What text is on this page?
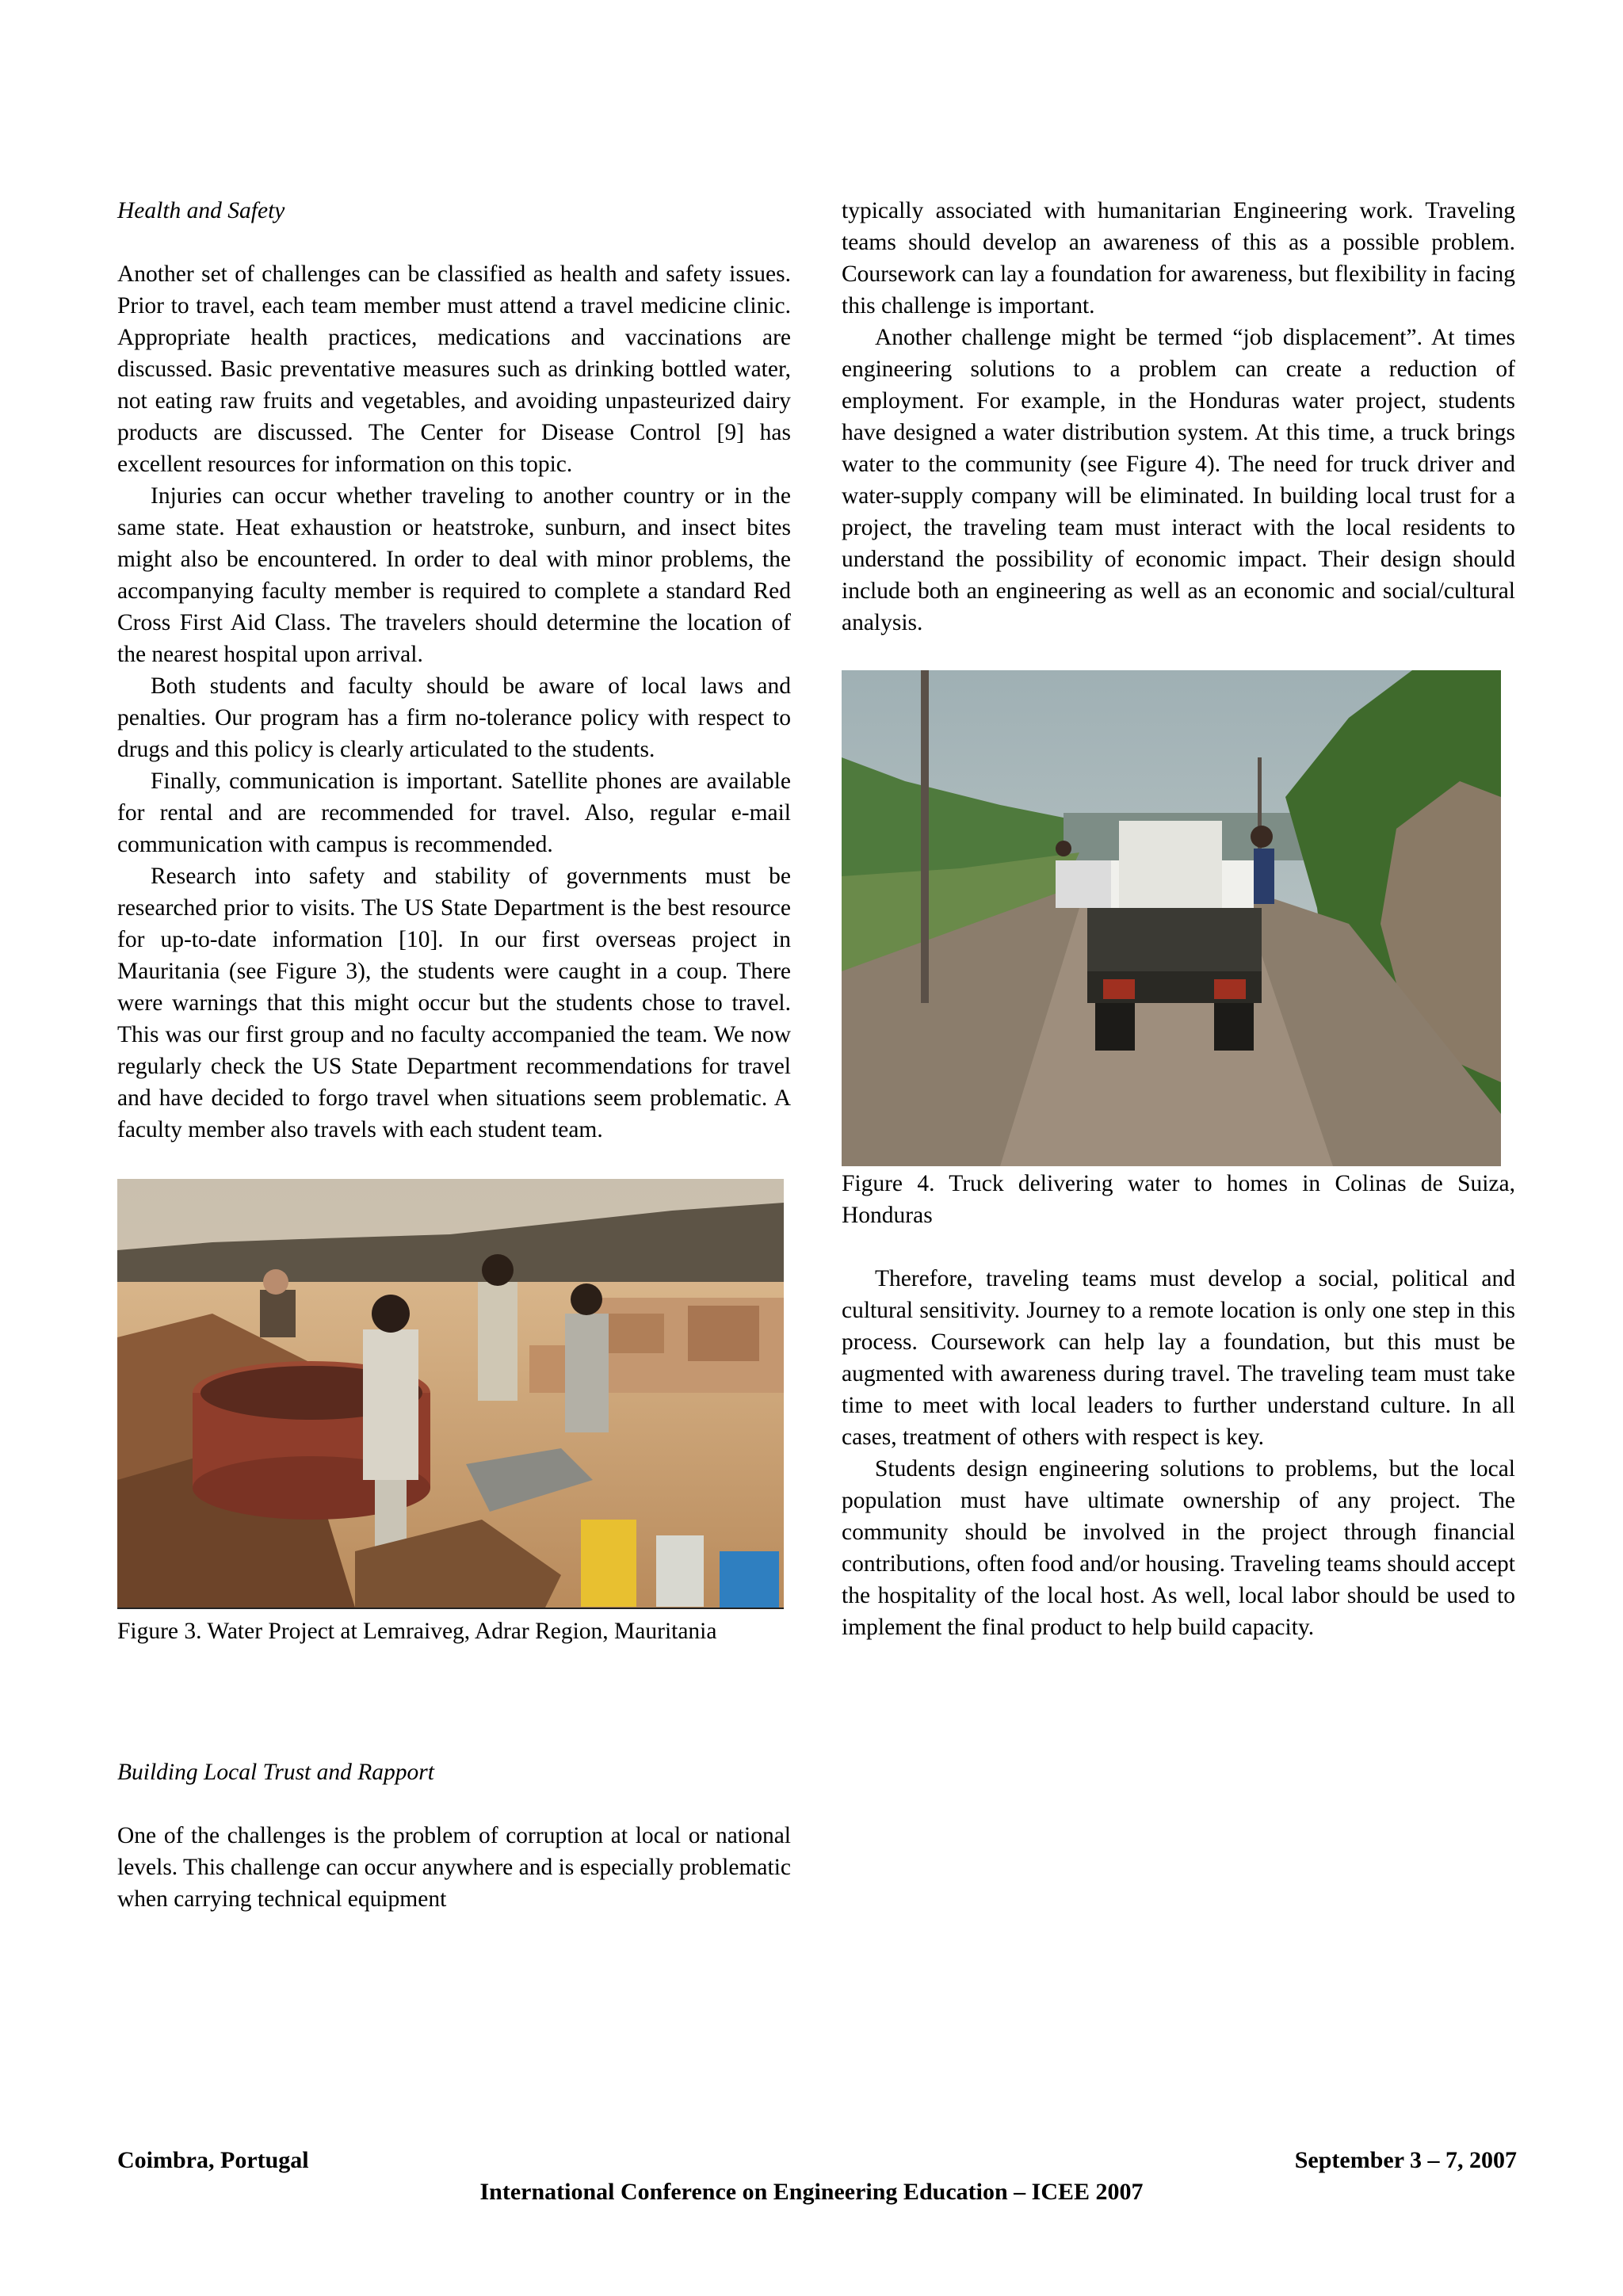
Health and Safety

Another set of challenges can be classified as health and safety issues. Prior to travel, each team member must attend a travel medicine clinic. Appropriate health practices, medications and vaccinations are discussed. Basic preventative measures such as drinking bottled water, not eating raw fruits and vegetables, and avoiding unpasteurized dairy products are discussed. The Center for Disease Control [9] has excellent resources for information on this topic.

Injuries can occur whether traveling to another country or in the same state. Heat exhaustion or heatstroke, sunburn, and insect bites might also be encountered. In order to deal with minor problems, the accompanying faculty member is required to complete a standard Red Cross First Aid Class. The travelers should determine the location of the nearest hospital upon arrival.

Both students and faculty should be aware of local laws and penalties. Our program has a firm no-tolerance policy with respect to drugs and this policy is clearly articulated to the students.

Finally, communication is important. Satellite phones are available for rental and are recommended for travel. Also, regular e-mail communication with campus is recommended.

Research into safety and stability of governments must be researched prior to visits. The US State Department is the best resource for up-to-date information [10]. In our first overseas project in Mauritania (see Figure 3), the students were caught in a coup. There were warnings that this might occur but the students chose to travel. This was our first group and no faculty accompanied the team. We now regularly check the US State Department recommendations for travel and have decided to forgo travel when situations seem problematic. A faculty member also travels with each student team.

Figure 3. Water Project at Lemraiveg, Adrar Region, Mauritania
Building Local Trust and Rapport

One of the challenges is the problem of corruption at local or national levels. This challenge can occur anywhere and is especially problematic when carrying technical equipment

typically associated with humanitarian Engineering work. Traveling teams should develop an awareness of this as a possible problem. Coursework can lay a foundation for awareness, but flexibility in facing this challenge is important.

Another challenge might be termed “job displacement”. At times engineering solutions to a problem can create a reduction of employment. For example, in the Honduras water project, students have designed a water distribution system. At this time, a truck brings water to the community (see Figure 4). The need for truck driver and water-supply company will be eliminated. In building local trust for a project, the traveling team must interact with the local residents to understand the possibility of economic impact. Their design should include both an engineering as well as an economic and social/cultural analysis.

Figure 4. Truck delivering water to homes in Colinas de Suiza, Honduras

Therefore, traveling teams must develop a social, political and cultural sensitivity. Journey to a remote location is only one step in this process. Coursework can help lay a foundation, but this must be augmented with awareness during travel. The traveling team must take time to meet with local leaders to further understand culture. In all cases, treatment of others with respect is key.

Students design engineering solutions to problems, but the local population must have ultimate ownership of any project. The community should be involved in the project through financial contributions, often food and/or housing. Traveling teams should accept the hospitality of the local host. As well, local labor should be used to implement the final product to help build capacity.

Coimbra, Portugal	September 3 – 7, 2007
International Conference on Engineering Education – ICEE 2007
